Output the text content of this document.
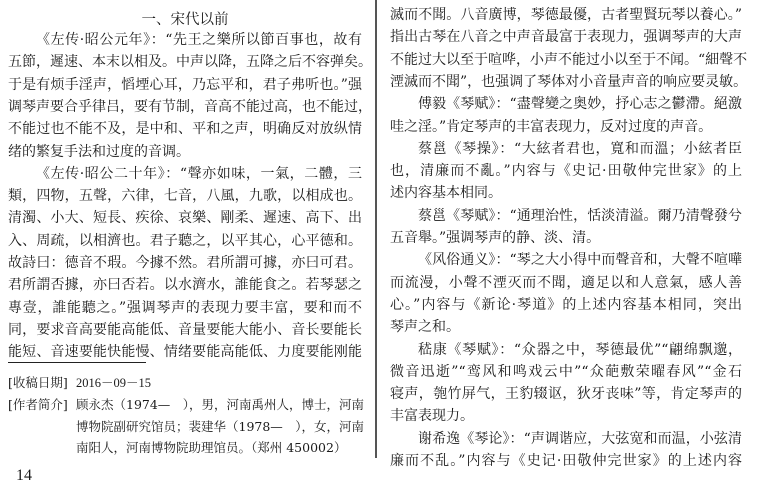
一、宋代以前
《左传·昭公元年》：“先王之樂所以節百事也，故有
五節，遲速、本末以相及。中声以降，五降之后不容弹矣。
于是有烦手淫声，慆堙心耳，乃忘平和，君子弗听也。”强
调琴声要合乎律吕，要有节制，音高不能过高，也不能过，
不能过也不能不及，是中和、平和之声，明确反对放纵情
绪的繁复手法和过度的音调。
《左传·昭公二十年》：“聲亦如味，一氣，二體，三
類，四物，五聲，六律，七音，八風，九歌，以相成也。
清濁、小大、短長、疾徐、哀樂、剛柔、遲速、高下、出
入、周疏，以相濟也。君子聽之，以平其心，心平德和。
故詩曰：德音不瑕。今據不然。君所謂可據，亦曰可君。
君所謂否據，亦曰否若。以水濟水，誰能食之。若琴瑟之
專壹，誰能聽之。”强调琴声的表现力要丰富，要和而不
同，要求音高要能高能低、音量要能大能小、音长要能长
能短、音速要能快能慢、情绪要能高能低、力度要能刚能
滅而不聞。八音廣博，琴德最優，古者聖賢玩琴以養心。”
指出古琴在八音之中声音最富于表现力，强调琴声的大声
不能过大以至于喧哗，小声不能过小以至于不闻。“細聲不
湮滅而不聞”，也强调了琴体对小音量声音的响应要灵敏。
傅毅《琴赋》：“盡聲變之奥妙，抒心志之鬱滯。絕激
哇之淫。”肯定琴声的丰富表现力，反对过度的声音。
蔡邕《琴操》：“大絃者君也，寬和而溫；小絃者臣
也，清廉而不亂。”内容与《史记·田敬仲完世家》的上
述内容基本相同。
蔡邕《琴赋》：“通理治性，恬淡清溢。爾乃清聲發兮
五音舉。”强调琴声的静、淡、清。
《风俗通义》：“琴之大小得中而聲音和，大聲不喧嘩
而流漫，小聲不湮灭而不聞，適足以和人意氣，感人善
心。”内容与《新论·琴道》的上述内容基本相同，突出
琴声之和。
嵇康《琴赋》：“众器之中，琴德最优”“翩绵飘邈，
微音迅逝”“鸾风和鸣戏云中”“众葩敷荣曜春风”“金石
寝声，匏竹屏气，王豹辍讴，狄牙丧味”等，肯定琴声的
丰富表现力。
谢希逸《琴论》：“声调谐应，大弦宽和而温，小弦清
廉而不乱。”内容与《史记·田敬仲完世家》的上述内容
[收稿日期] 2016－09－15
[作者简介] 顾永杰（1974—　），男，河南禹州人，博士，河南
博物院副研究馆员；裴建华（1978—　），女，河南
南阳人，河南博物院助理馆员。（郑州 450002）
14
